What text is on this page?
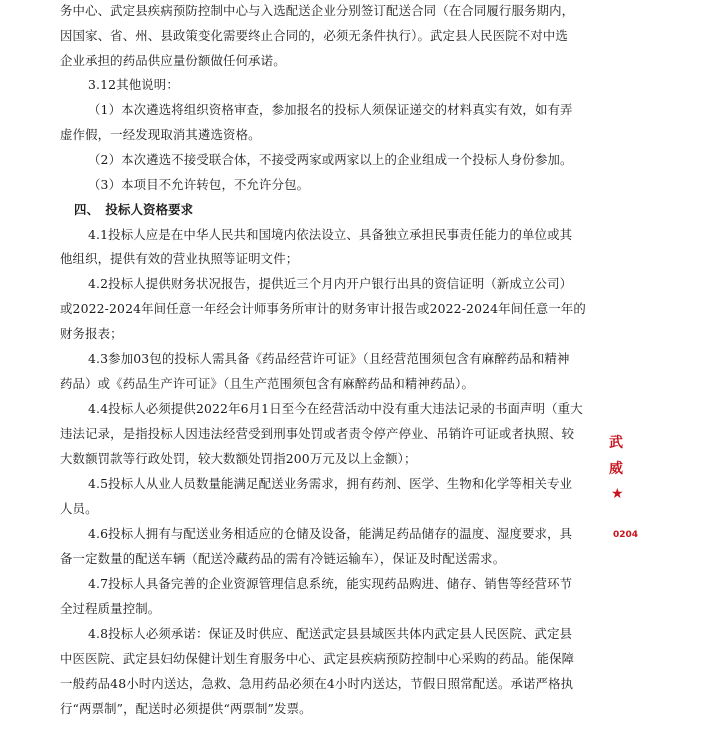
务中心、武定县疾病预防控制中心与入选配送企业分别签订配送合同（在合同履行服务期内，
因国家、省、州、县政策变化需要终止合同的，必须无条件执行）。武定县人民医院不对中选
企业承担的药品供应量份额做任何承诺。
3.12其他说明：
（1）本次遴选将组织资格审查，参加报名的投标人须保证递交的材料真实有效，如有弄
虚作假，一经发现取消其遴选资格。
（2）本次遴选不接受联合体，不接受两家或两家以上的企业组成一个投标人身份参加。
（3）本项目不允许转包，不允许分包。
四、　投标人资格要求
4.1投标人应是在中华人民共和国境内依法设立、具备独立承担民事责任能力的单位或其
他组织，提供有效的营业执照等证明文件；
4.2投标人提供财务状况报告，提供近三个月内开户银行出具的资信证明（新成立公司）
或2022-2024年间任意一年经会计师事务所审计的财务审计报告或2022-2024年间任意一年的
财务报表；
4.3参加03包的投标人需具备《药品经营许可证》（且经营范围须包含有麻醉药品和精神
药品）或《药品生产许可证》（且生产范围须包含有麻醉药品和精神药品）。
4.4投标人必须提供2022年6月1日至今在经营活动中没有重大违法记录的书面声明（重大
违法记录，是指投标人因违法经营受到刑事处罚或者责令停产停业、吊销许可证或者执照、较
大数额罚款等行政处罚，较大数额处罚指200万元及以上金额）；
4.5投标人从业人员数量能满足配送业务需求，拥有药剂、医学、生物和化学等相关专业
人员。
4.6投标人拥有与配送业务相适应的仓储及设备，能满足药品储存的温度、湿度要求，具
备一定数量的配送车辆（配送冷藏药品的需有冷链运输车），保证及时配送需求。
4.7投标人具备完善的企业资源管理信息系统，能实现药品购进、储存、销售等经营环节
全过程质量控制。
4.8投标人必须承诺：保证及时供应、配送武定县县域医共体内武定县人民医院、武定县
中医医院、武定县妇幼保健计划生育服务中心、武定县疾病预防控制中心采购的药品。能保障
一般药品48小时内送达，急救、急用药品必须在4小时内送达，节假日照常配送。承诺严格执
行“两票制”，配送时必须提供“两票制”发票。
武
威
★
0204
